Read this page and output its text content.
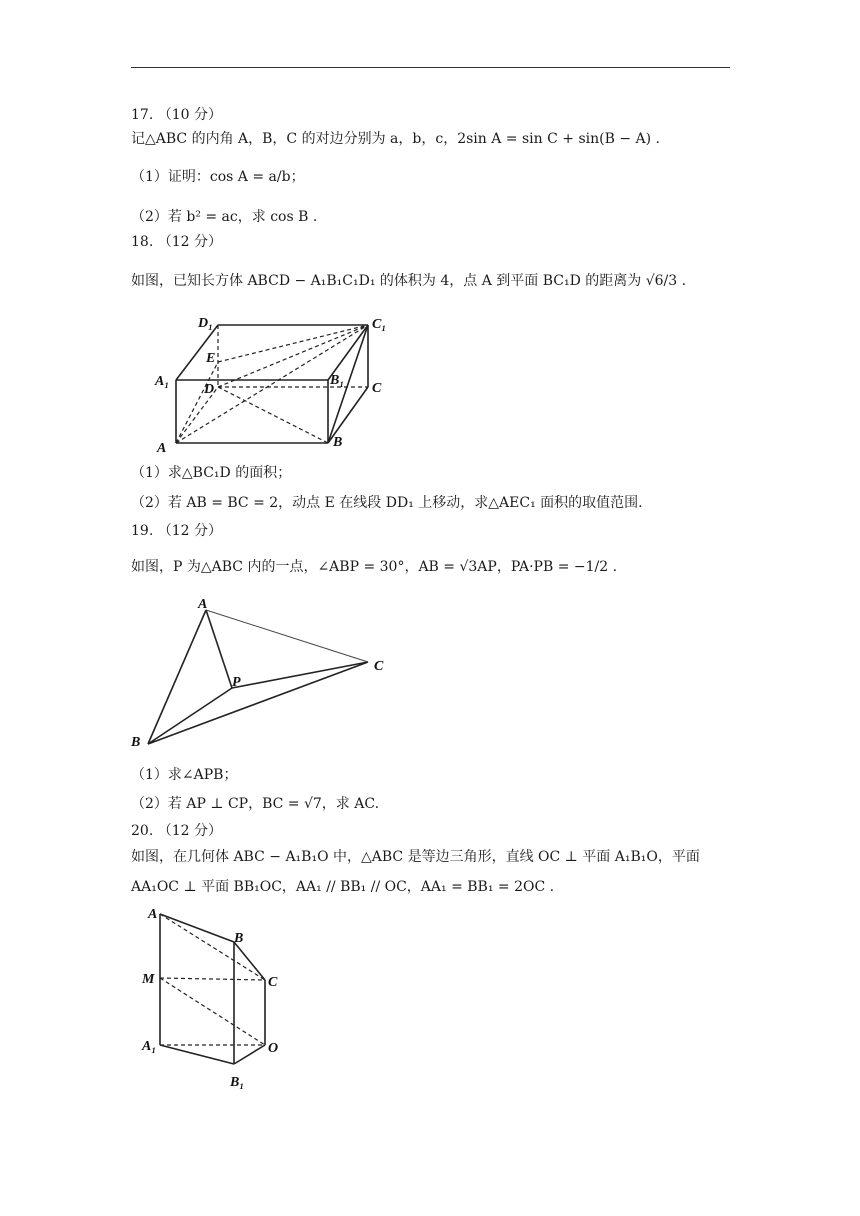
17. （10 分）
记△ABC 的内角 A，B，C 的对边分别为 a，b，c，2sin A = sin C + sin(B − A) .
（1）证明：cos A = a/b；
（2）若 b² = ac，求 cos B .
18. （12 分）
如图，已知长方体 ABCD − A₁B₁C₁D₁ 的体积为 4，点 A 到平面 BC₁D 的距离为 √6/3 .
D₁	C₁
E
A₁
D
B₁
C
A	B
（1）求△BC₁D 的面积；
（2）若 AB = BC = 2，动点 E 在线段 DD₁ 上移动，求△AEC₁ 面积的取值范围.
19. （12 分）
如图，P 为△ABC 内的一点，∠ABP = 30°，AB = √3AP，PA·PB = −1/2 .
A
P
C
B
（1）求∠APB；
（2）若 AP ⊥ CP，BC = √7，求 AC.
20. （12 分）
如图，在几何体 ABC − A₁B₁O 中，△ABC 是等边三角形，直线 OC ⊥ 平面 A₁B₁O，平面
AA₁OC ⊥ 平面 BB₁OC，AA₁ // BB₁ // OC，AA₁ = BB₁ = 2OC .
A
B
M	C
A₁	O
B₁
